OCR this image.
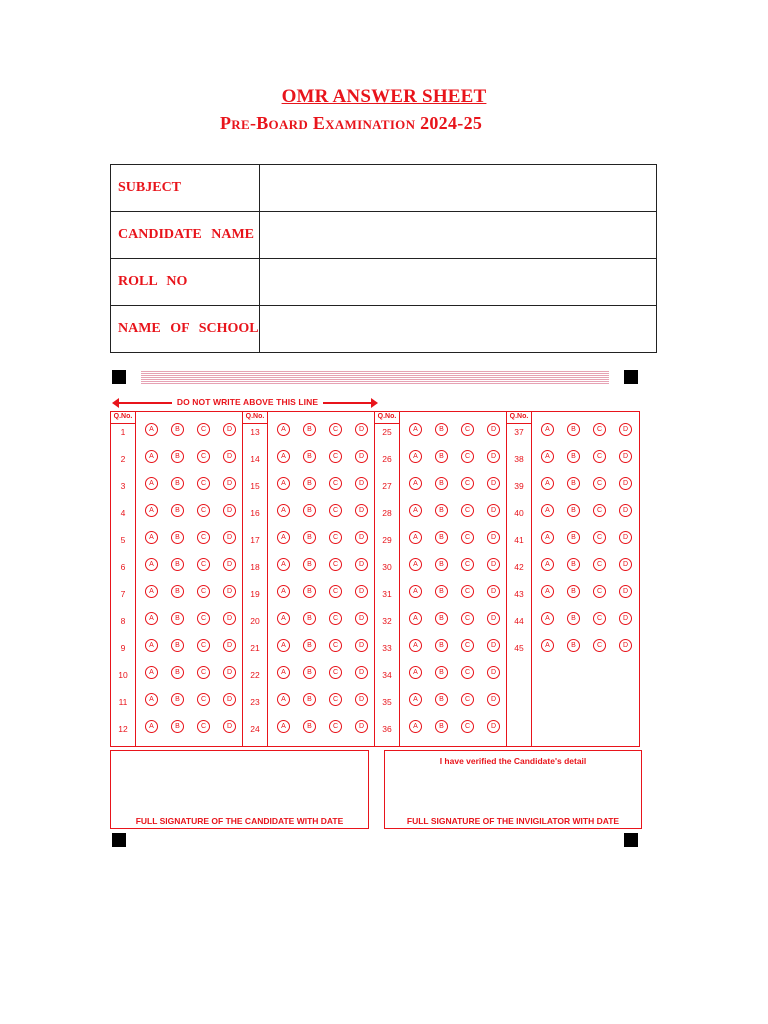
OMR ANSWER SHEET
Pre-Board Examination 2024-25
SUBJECT	
CANDIDATE NAME	
ROLL NO	
NAME OF SCHOOL	
DO NOT WRITE ABOVE THIS LINE
Q.No.
1	A	B	C	D
2	A	B	C	D
3	A	B	C	D
4	A	B	C	D
5	A	B	C	D
6	A	B	C	D
7	A	B	C	D
8	A	B	C	D
9	A	B	C	D
10	A	B	C	D
11	A	B	C	D
12	A	B	C	D
Q.No.
13	A	B	C	D
14	A	B	C	D
15	A	B	C	D
16	A	B	C	D
17	A	B	C	D
18	A	B	C	D
19	A	B	C	D
20	A	B	C	D
21	A	B	C	D
22	A	B	C	D
23	A	B	C	D
24	A	B	C	D
Q.No.
25	A	B	C	D
26	A	B	C	D
27	A	B	C	D
28	A	B	C	D
29	A	B	C	D
30	A	B	C	D
31	A	B	C	D
32	A	B	C	D
33	A	B	C	D
34	A	B	C	D
35	A	B	C	D
36	A	B	C	D
Q.No.
37	A	B	C	D
38	A	B	C	D
39	A	B	C	D
40	A	B	C	D
41	A	B	C	D
42	A	B	C	D
43	A	B	C	D
44	A	B	C	D
45	A	B	C	D
FULL SIGNATURE OF THE CANDIDATE WITH DATE
I have verified the Candidate's detail
FULL SIGNATURE OF THE INVIGILATOR WITH DATE
